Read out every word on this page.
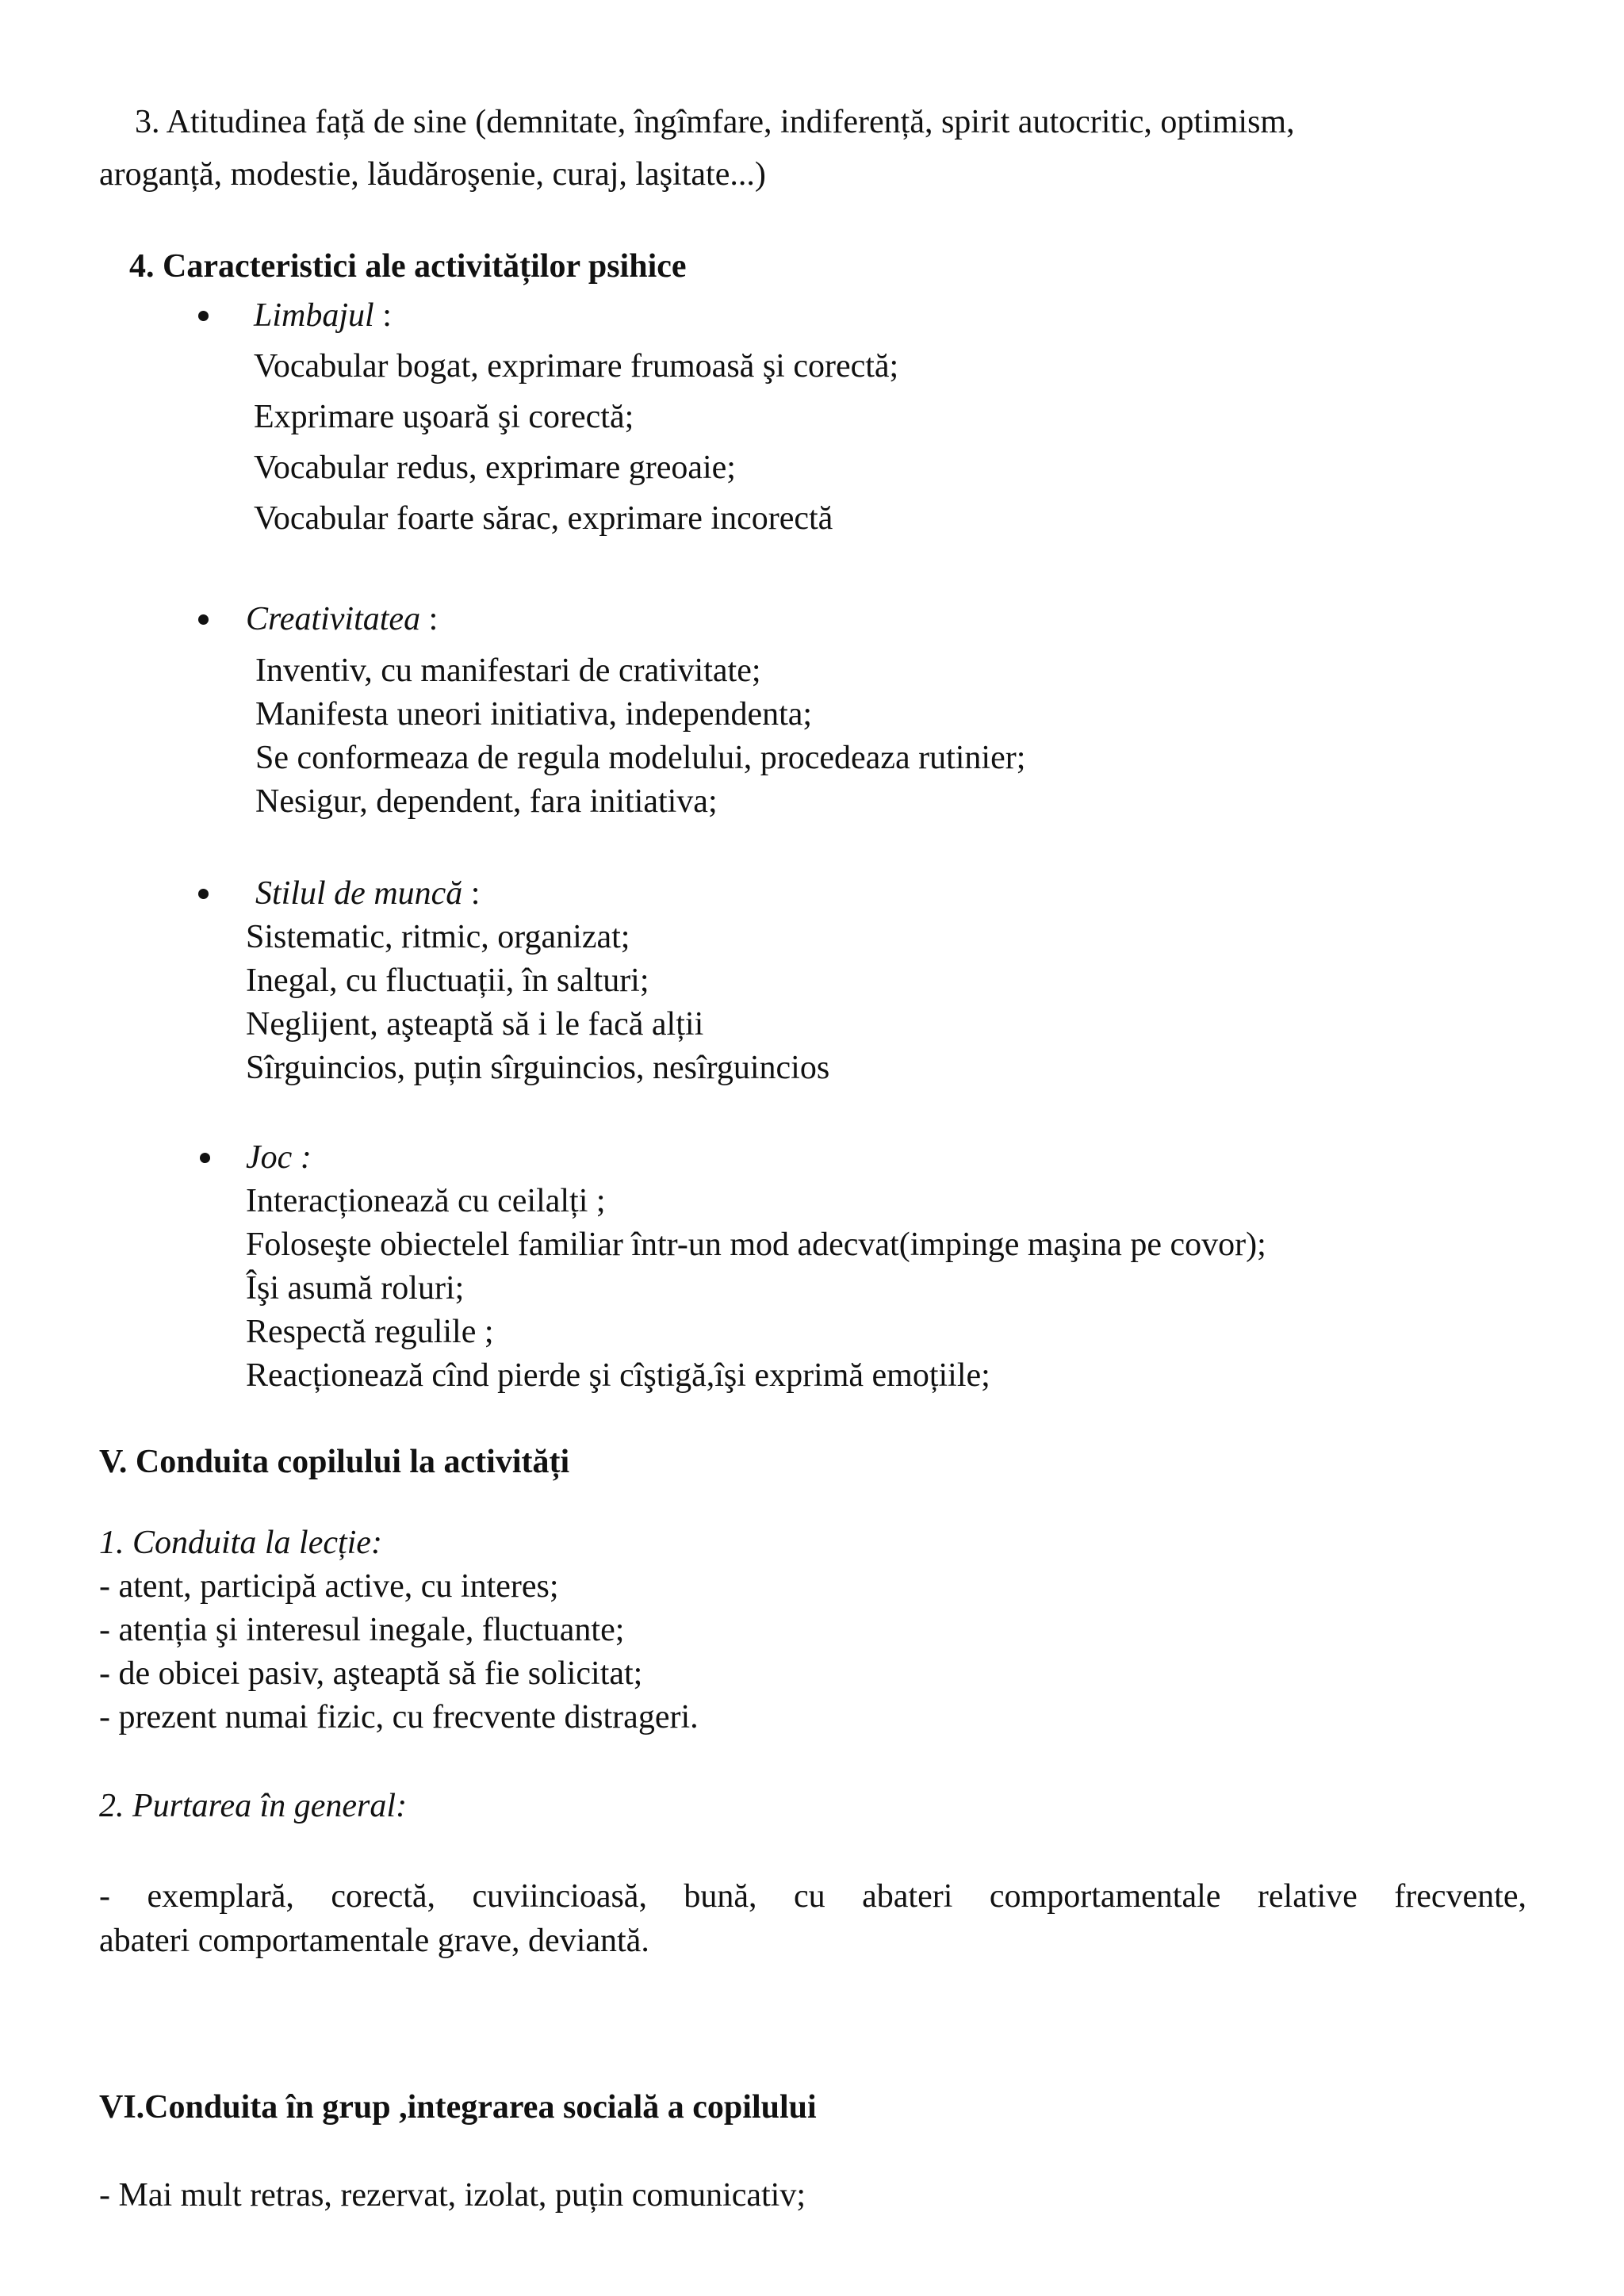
3. Atitudinea față de sine (demnitate, îngîmfare, indiferență, spirit autocritic, optimism,

aroganță, modestie, lăudăroşenie, curaj, laşitate...)

4. Caracteristici ale activităților psihice

Limbajul :

Vocabular bogat, exprimare frumoasă şi corectă;

Exprimare uşoară şi corectă;

Vocabular redus, exprimare greoaie;

Vocabular foarte sărac, exprimare incorectă

Creativitatea :

Inventiv, cu manifestari de crativitate;

Manifesta uneori initiativa, independenta;

Se conformeaza de regula modelului, procedeaza rutinier;

Nesigur, dependent, fara initiativa;

Stilul de muncă :

Sistematic, ritmic, organizat;

Inegal, cu fluctuații, în salturi;

Neglijent, aşteaptă să i le facă alții

Sîrguincios, puțin sîrguincios, nesîrguincios

Joc :

Interacționează cu ceilalți ;

Foloseşte obiectelel familiar într-un mod adecvat(impinge maşina pe covor);

Îşi asumă roluri;

Respectă regulile ;

Reacționează cînd pierde şi cîştigă,îşi exprimă emoțiile;

V. Conduita copilului la activități

1. Conduita la lecție:

- atent, participă active, cu interes;

- atenția şi interesul inegale, fluctuante;

- de obicei pasiv, aşteaptă să fie solicitat;

- prezent numai fizic, cu frecvente distrageri.

2. Purtarea în general:

- exemplară, corectă, cuviincioasă, bună, cu abateri comportamentale relative frecvente,

abateri comportamentale grave, deviantă.

VI.Conduita în grup ,integrarea socială a copilului

- Mai mult retras, rezervat, izolat, puțin comunicativ;
